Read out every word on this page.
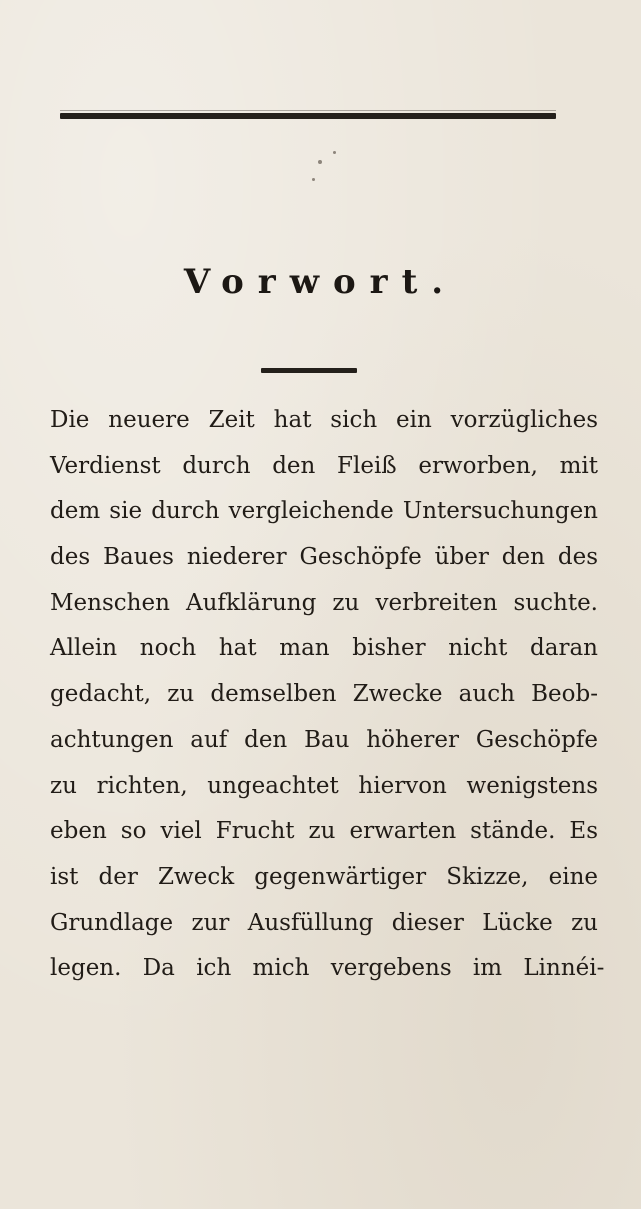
Vorwort.
Die neuere Zeit hat sich ein vorzügliches
Verdienst durch den Fleiß erworben, mit
dem sie durch vergleichende Untersuchungen
des Baues niederer Geschöpfe über den des
Menschen Aufklärung zu verbreiten suchte.
Allein noch hat man bisher nicht daran
gedacht, zu demselben Zwecke auch Beob-
achtungen auf den Bau höherer Geschöpfe
zu richten, ungeachtet hiervon wenigstens
eben so viel Frucht zu erwarten stände. Es
ist der Zweck gegenwärtiger Skizze, eine
Grundlage zur Ausfüllung dieser Lücke zu
legen. Da ich mich vergebens im Linnéi-
